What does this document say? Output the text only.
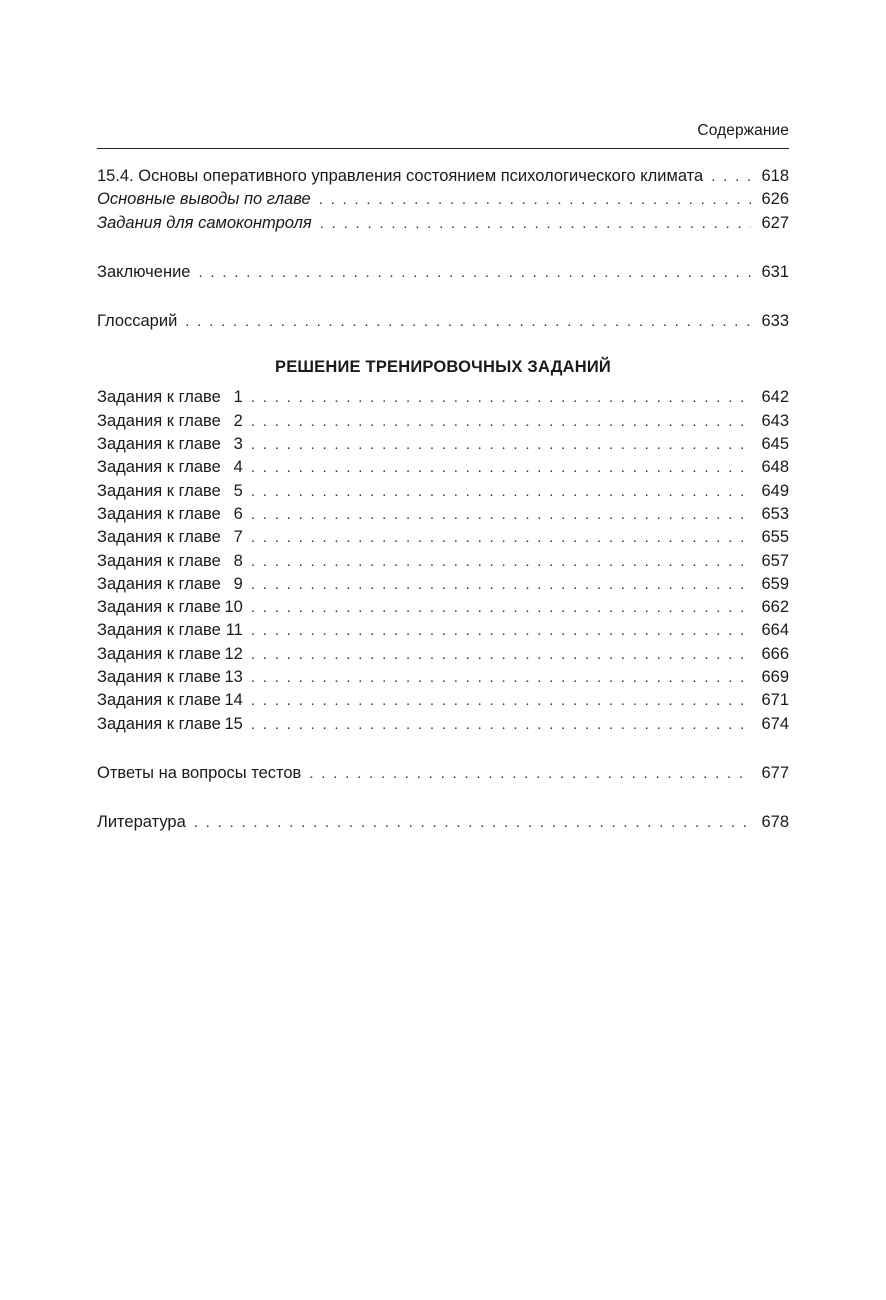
Содержание
15.4. Основы оперативного управления состоянием психологического климата . . .	618
Основные выводы по главе . . .	626
Задания для самоконтроля . . .	627
Заключение . . .	631
Глоссарий . . .	633
РЕШЕНИЕ ТРЕНИРОВОЧНЫХ ЗАДАНИЙ
Задания к главе 1 . . .	642
Задания к главе 2 . . .	643
Задания к главе 3 . . .	645
Задания к главе 4 . . .	648
Задания к главе 5 . . .	649
Задания к главе 6 . . .	653
Задания к главе 7 . . .	655
Задания к главе 8 . . .	657
Задания к главе 9 . . .	659
Задания к главе 10 . . .	662
Задания к главе 11 . . .	664
Задания к главе 12 . . .	666
Задания к главе 13 . . .	669
Задания к главе 14 . . .	671
Задания к главе 15 . . .	674
Ответы на вопросы тестов . . .	677
Литература . . .	678
